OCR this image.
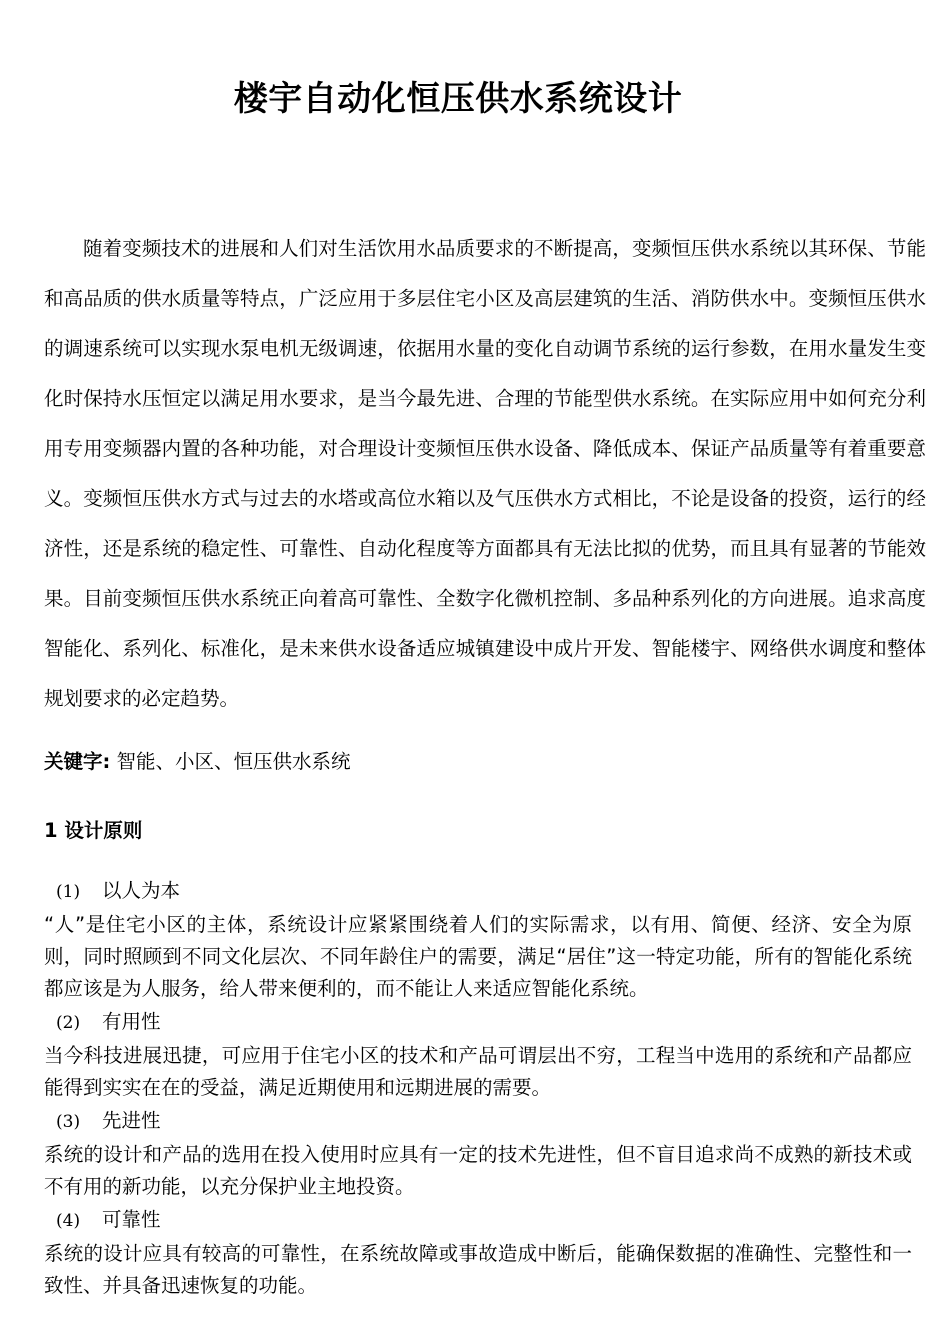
楼宇自动化恒压供水系统设计

随着变频技术的进展和人们对生活饮用水品质要求的不断提高，变频恒压供水系统以其环保、节能和高品质的供水质量等特点，广泛应用于多层住宅小区及高层建筑的生活、消防供水中。变频恒压供水的调速系统可以实现水泵电机无级调速，依据用水量的变化自动调节系统的运行参数，在用水量发生变化时保持水压恒定以满足用水要求，是当今最先进、合理的节能型供水系统。在实际应用中如何充分利用专用变频器内置的各种功能，对合理设计变频恒压供水设备、降低成本、保证产品质量等有着重要意义。变频恒压供水方式与过去的水塔或高位水箱以及气压供水方式相比，不论是设备的投资，运行的经济性，还是系统的稳定性、可靠性、自动化程度等方面都具有无法比拟的优势，而且具有显著的节能效果。目前变频恒压供水系统正向着高可靠性、全数字化微机控制、多品种系列化的方向进展。追求高度智能化、系列化、标准化，是未来供水设备适应城镇建设中成片开发、智能楼宇、网络供水调度和整体规划要求的必定趋势。

关键字: 智能、小区、恒压供水系统

1 设计原则

(1) 以人为本

“人”是住宅小区的主体，系统设计应紧紧围绕着人们的实际需求，以有用、简便、经济、安全为原则，同时照顾到不同文化层次、不同年龄住户的需要，满足“居住”这一特定功能，所有的智能化系统都应该是为人服务，给人带来便利的，而不能让人来适应智能化系统。

(2) 有用性

当今科技进展迅捷，可应用于住宅小区的技术和产品可谓层出不穷，工程当中选用的系统和产品都应能得到实实在在的受益，满足近期使用和远期进展的需要。

(3) 先进性

系统的设计和产品的选用在投入使用时应具有一定的技术先进性，但不盲目追求尚不成熟的新技术或不有用的新功能，以充分保护业主地投资。

(4) 可靠性

系统的设计应具有较高的可靠性，在系统故障或事故造成中断后，能确保数据的准确性、完整性和一致性、并具备迅速恢复的功能。
